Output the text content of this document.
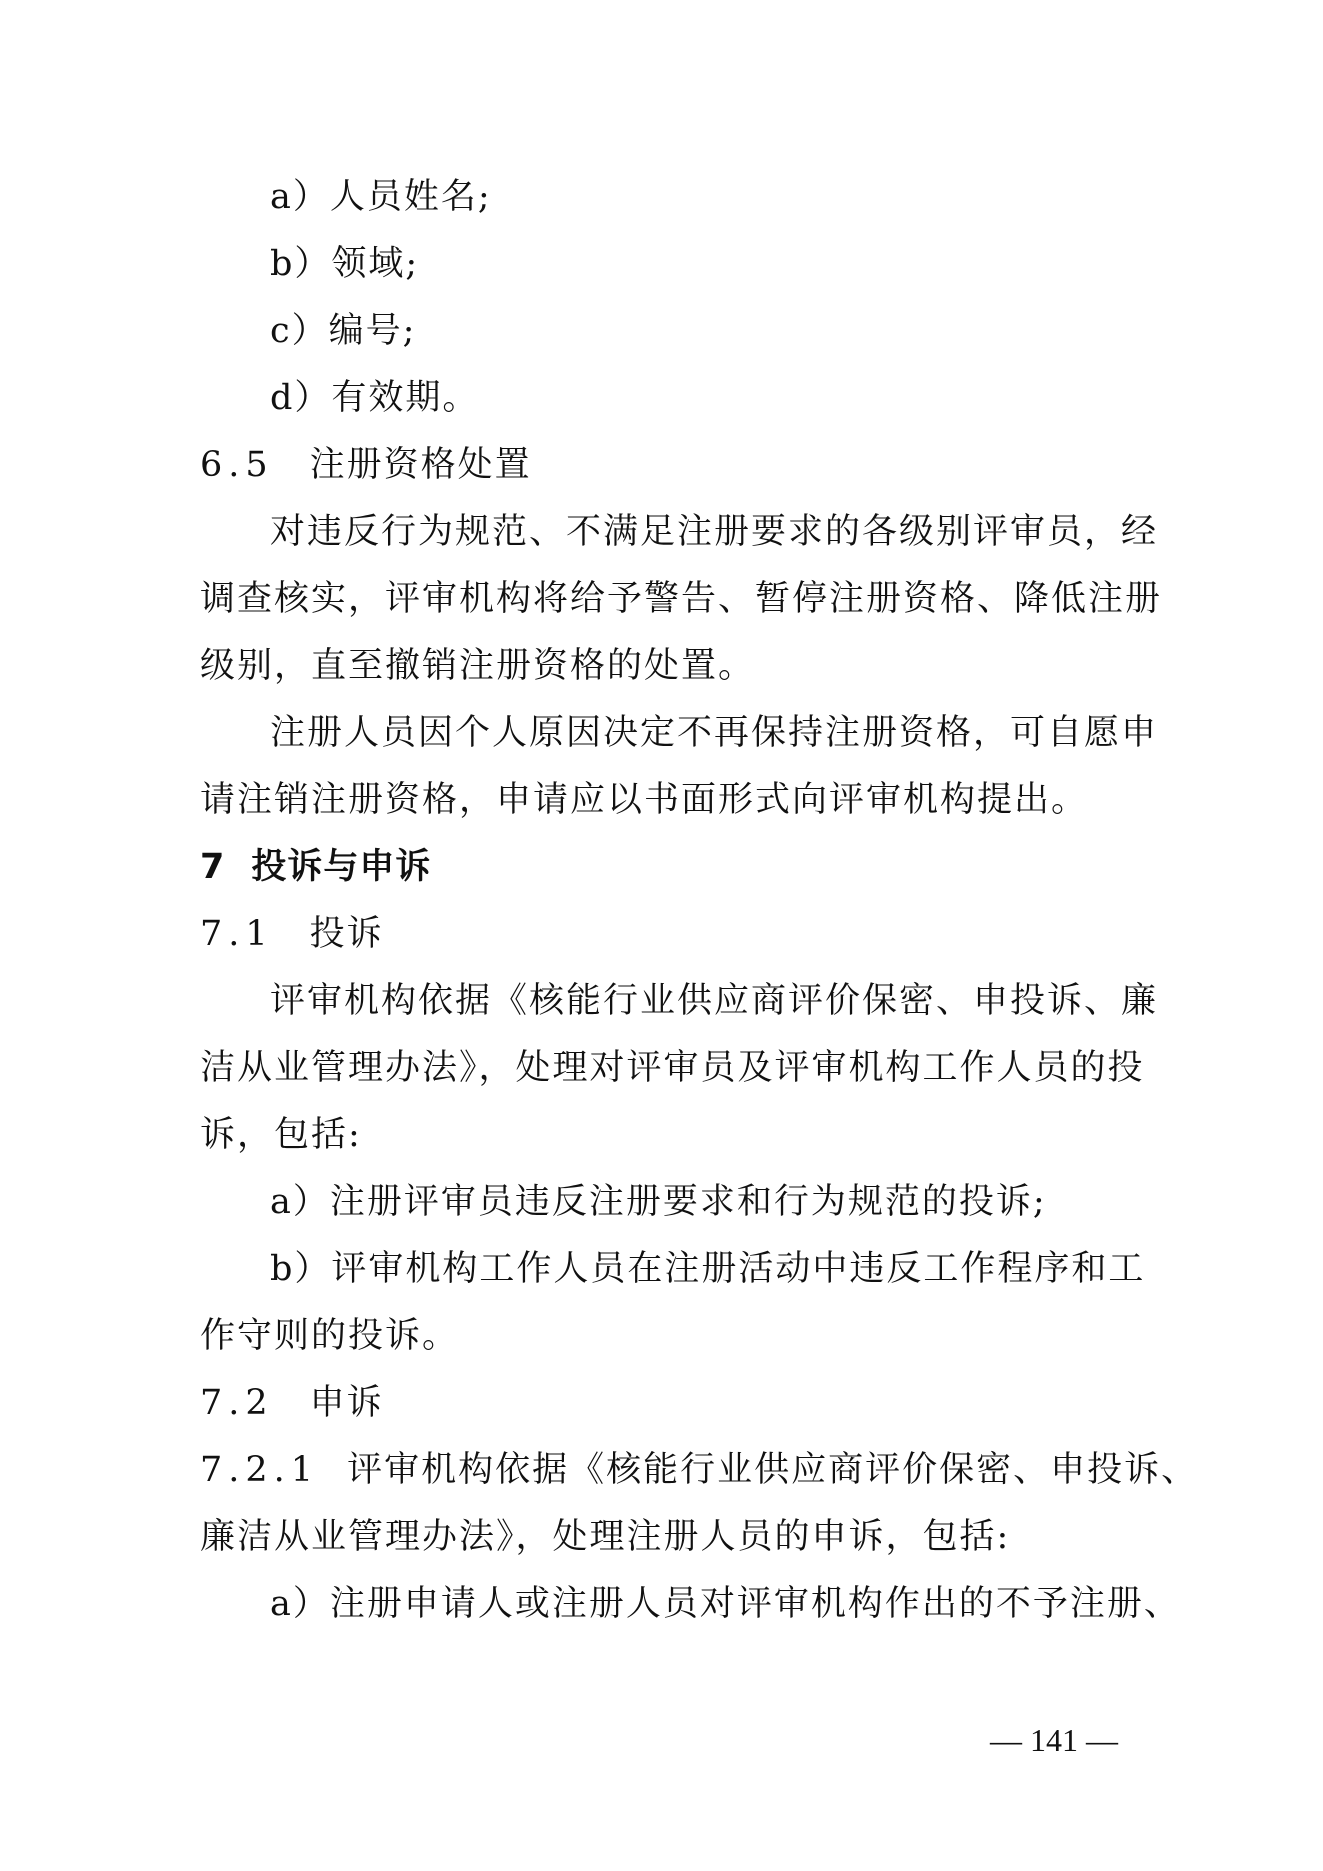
a）人员姓名;
b）领域;
c）编号;
d）有效期。
6.5 注册资格处置
对违反行为规范、不满足注册要求的各级别评审员，经
调查核实，评审机构将给予警告、暂停注册资格、降低注册
级别，直至撤销注册资格的处置。
注册人员因个人原因决定不再保持注册资格，可自愿申
请注销注册资格，申请应以书面形式向评审机构提出。
7 投诉与申诉
7.1 投诉
评审机构依据《核能行业供应商评价保密、申投诉、廉
洁从业管理办法》，处理对评审员及评审机构工作人员的投
诉，包括:
a）注册评审员违反注册要求和行为规范的投诉;
b）评审机构工作人员在注册活动中违反工作程序和工
作守则的投诉。
7.2 申诉
7.2.1 评审机构依据《核能行业供应商评价保密、申投诉、
廉洁从业管理办法》，处理注册人员的申诉，包括:
a）注册申请人或注册人员对评审机构作出的不予注册、
— 141 —
